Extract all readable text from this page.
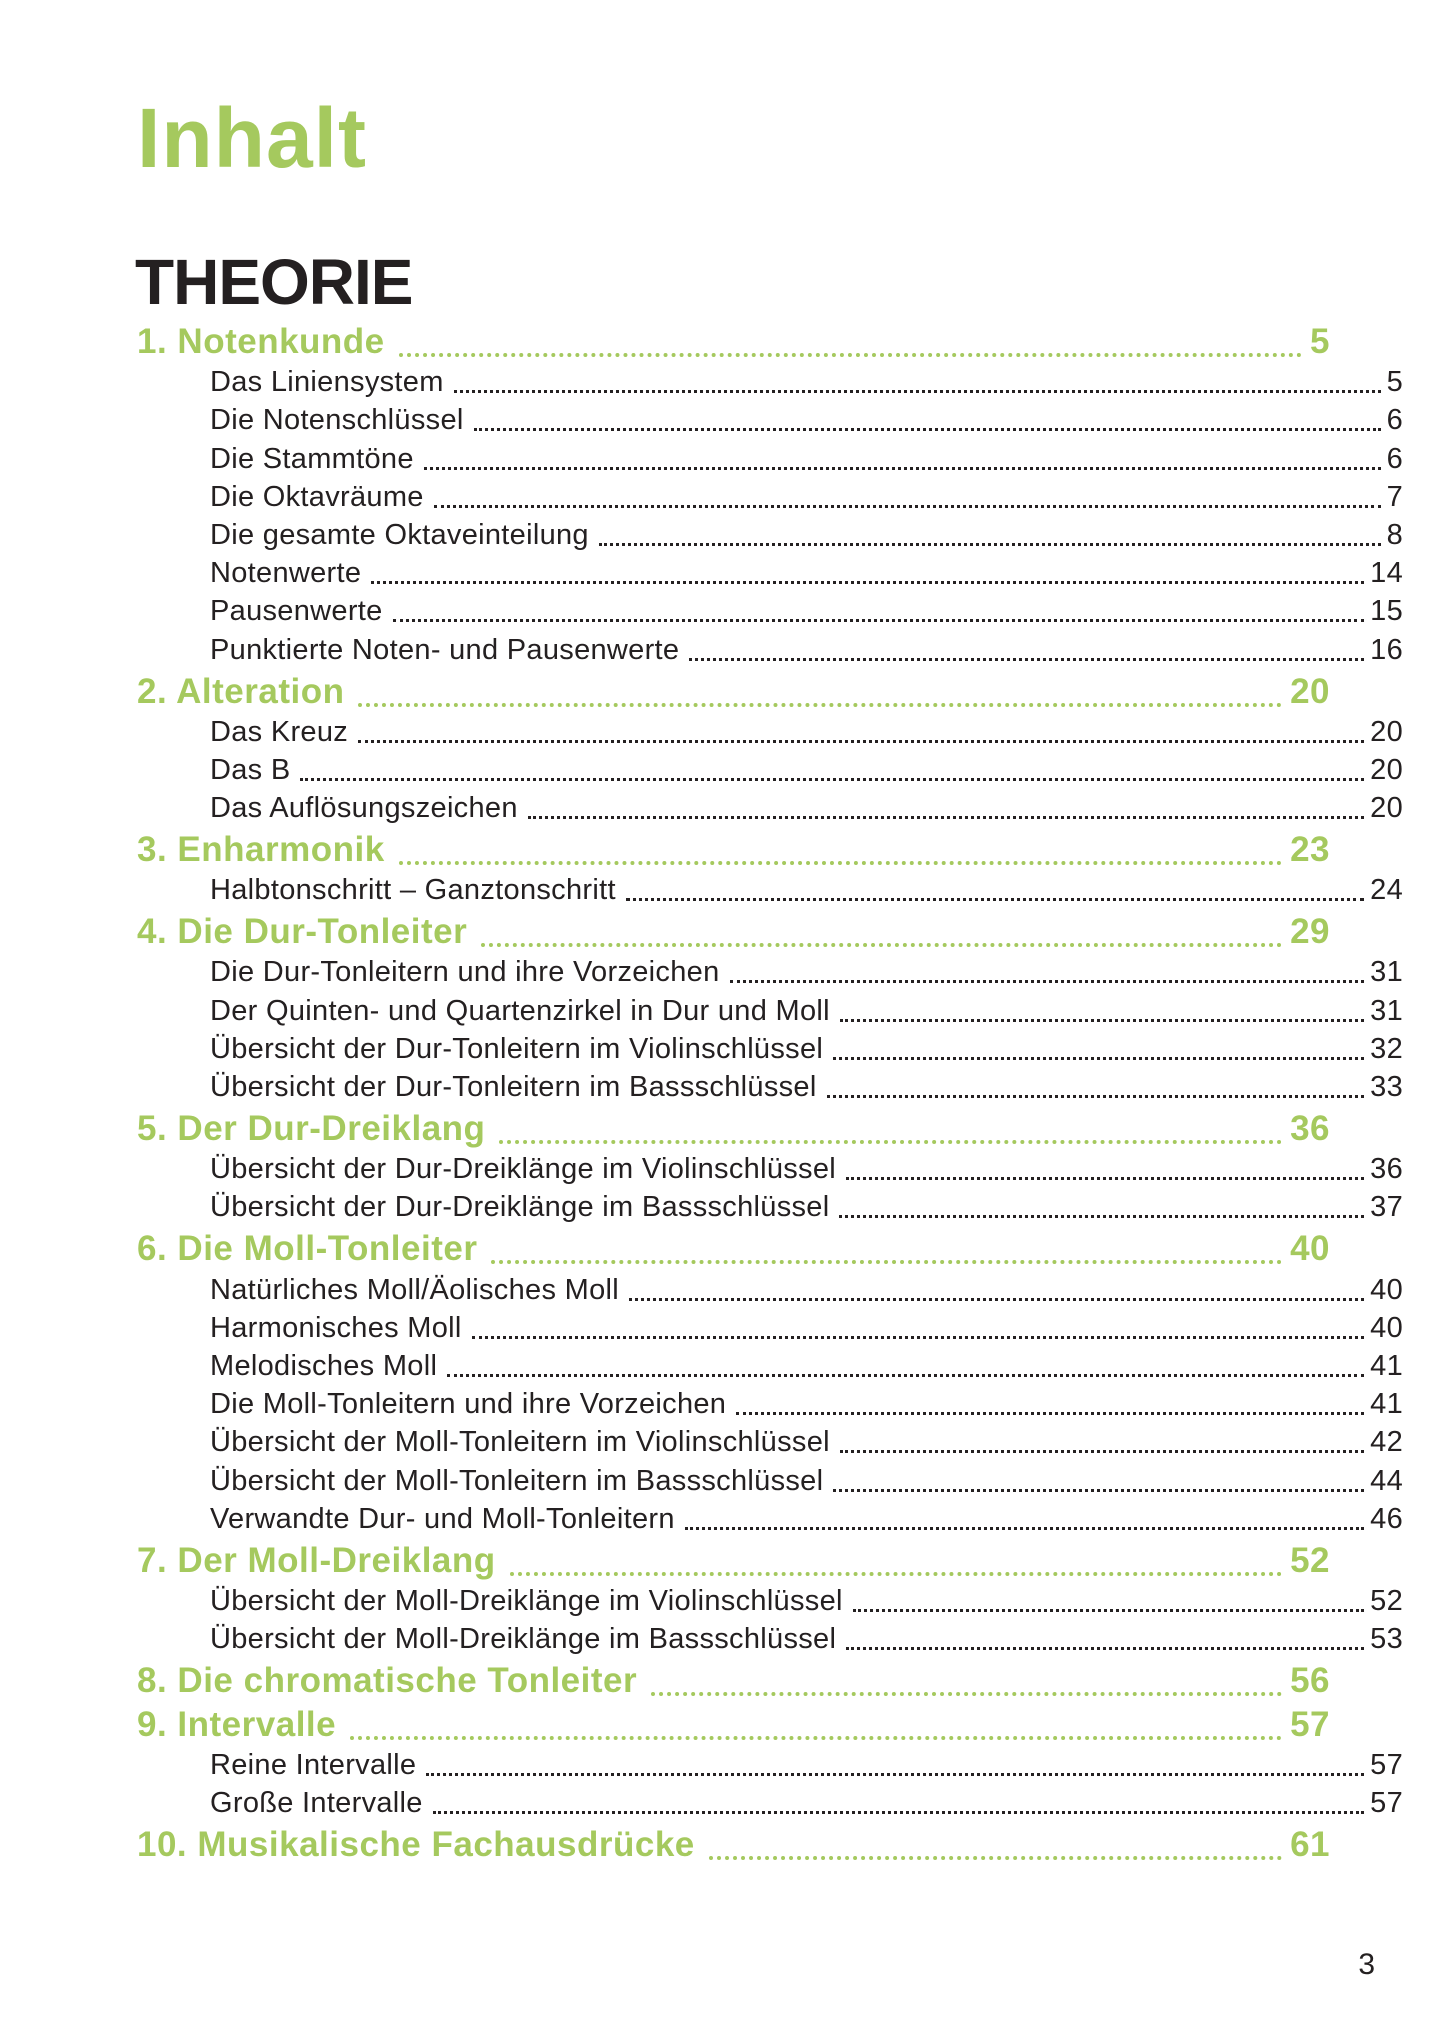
Inhalt
THEORIE
1. Notenkunde	5
Das Liniensystem	5
Die Notenschlüssel	6
Die Stammtöne	6
Die Oktavräume	7
Die gesamte Oktaveinteilung	8
Notenwerte	14
Pausenwerte	15
Punktierte Noten- und Pausenwerte	16
2. Alteration	20
Das Kreuz	20
Das B	20
Das Auflösungszeichen	20
3. Enharmonik	23
Halbtonschritt – Ganztonschritt	24
4. Die Dur-Tonleiter	29
Die Dur-Tonleitern und ihre Vorzeichen	31
Der Quinten- und Quartenzirkel in Dur und Moll	31
Übersicht der Dur-Tonleitern im Violinschlüssel	32
Übersicht der Dur-Tonleitern im Bassschlüssel	33
5. Der Dur-Dreiklang	36
Übersicht der Dur-Dreiklänge im Violinschlüssel	36
Übersicht der Dur-Dreiklänge im Bassschlüssel	37
6. Die Moll-Tonleiter	40
Natürliches Moll/Äolisches Moll	40
Harmonisches Moll	40
Melodisches Moll	41
Die Moll-Tonleitern und ihre Vorzeichen	41
Übersicht der Moll-Tonleitern im Violinschlüssel	42
Übersicht der Moll-Tonleitern im Bassschlüssel	44
Verwandte Dur- und Moll-Tonleitern	46
7. Der Moll-Dreiklang	52
Übersicht der Moll-Dreiklänge im Violinschlüssel	52
Übersicht der Moll-Dreiklänge im Bassschlüssel	53
8. Die chromatische Tonleiter	56
9. Intervalle	57
Reine Intervalle	57
Große Intervalle	57
10. Musikalische Fachausdrücke	61
3
